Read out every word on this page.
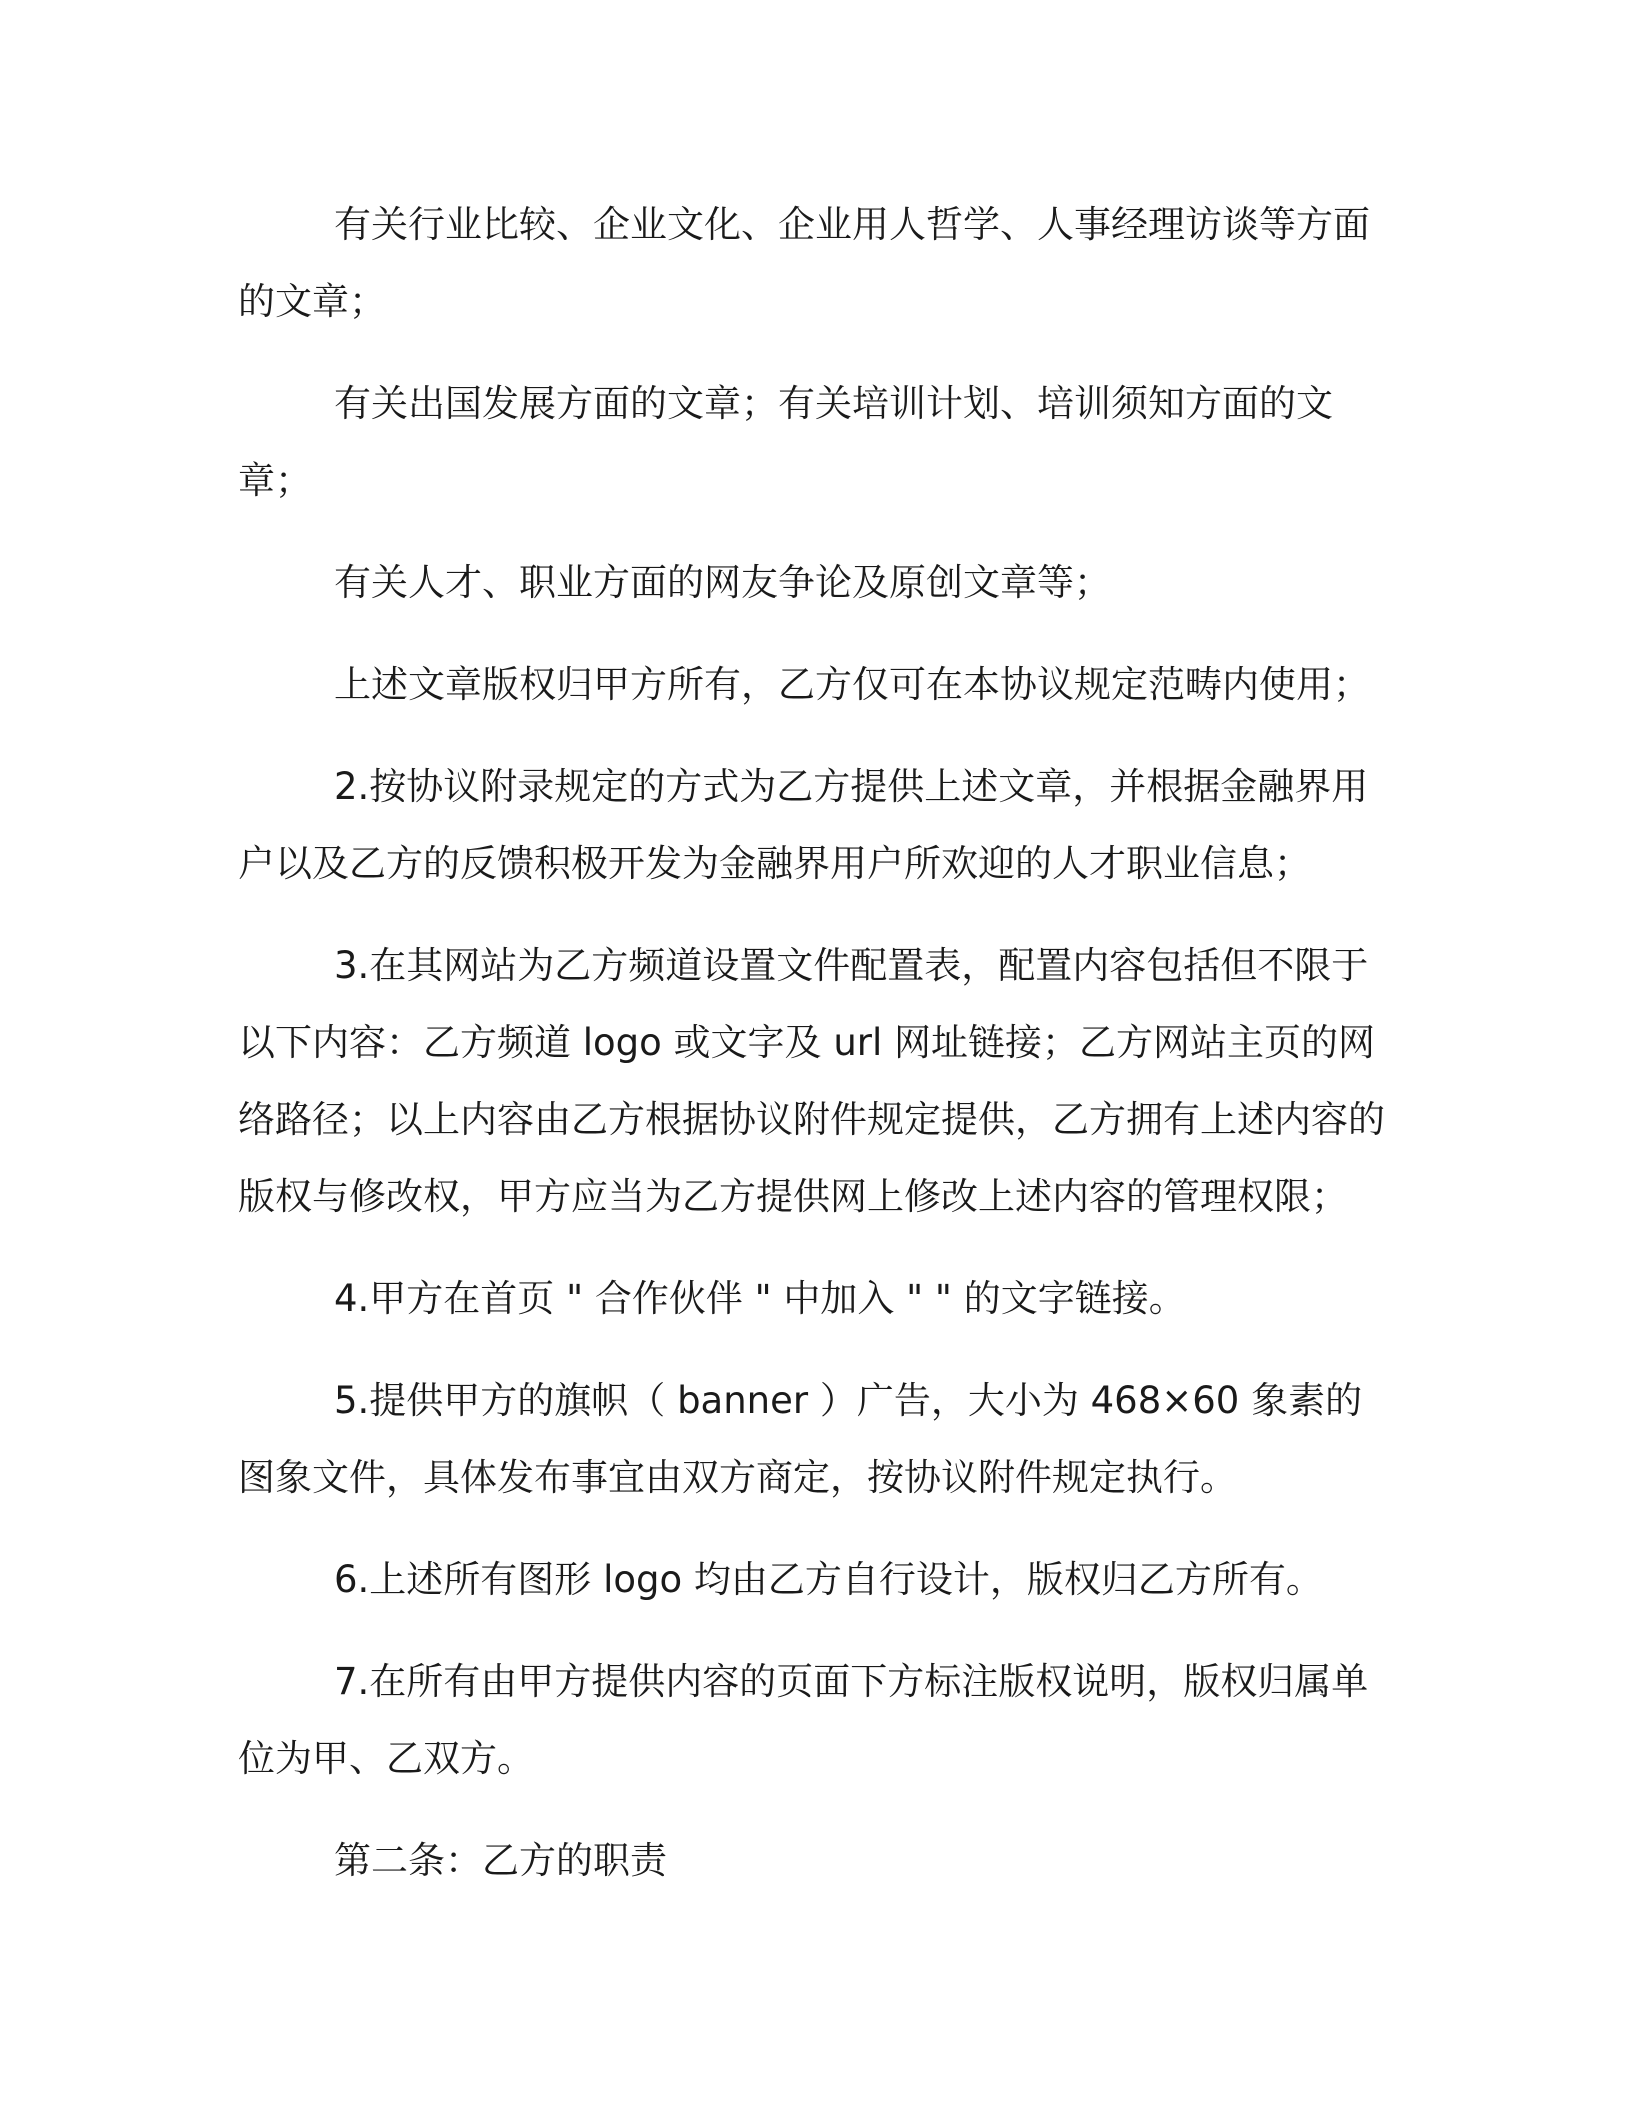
有关行业比较、企业文化、企业用人哲学、人事经理访谈等方面的文章；

有关出国发展方面的文章；有关培训计划、培训须知方面的文章；

有关人才、职业方面的网友争论及原创文章等；

上述文章版权归甲方所有，乙方仅可在本协议规定范畴内使用；

2.按协议附录规定的方式为乙方提供上述文章，并根据金融界用户以及乙方的反馈积极开发为金融界用户所欢迎的人才职业信息；

3.在其网站为乙方频道设置文件配置表，配置内容包括但不限于以下内容：乙方频道 logo 或文字及 url 网址链接；乙方网站主页的网络路径；以上内容由乙方根据协议附件规定提供，乙方拥有上述内容的版权与修改权，甲方应当为乙方提供网上修改上述内容的管理权限；

4.甲方在首页 " 合作伙伴 " 中加入 " " 的文字链接。

5.提供甲方的旗帜（ banner ）广告，大小为 468×60 象素的图象文件，具体发布事宜由双方商定，按协议附件规定执行。

6.上述所有图形 logo 均由乙方自行设计，版权归乙方所有。

7.在所有由甲方提供内容的页面下方标注版权说明，版权归属单位为甲、乙双方。

第二条：乙方的职责
